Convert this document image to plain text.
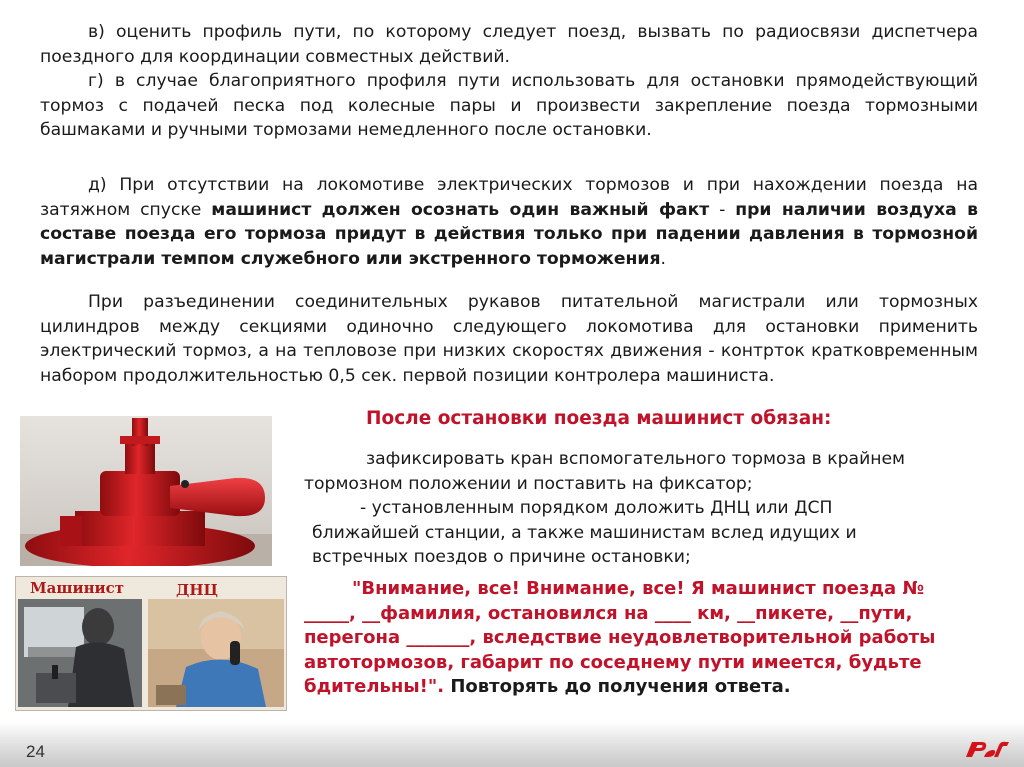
в) оценить профиль пути, по которому следует поезд, вызвать по радиосвязи диспетчера поездного для координации совместных действий.

г) в случае благоприятного профиля пути использовать для остановки прямодействующий тормоз с подачей песка под колесные пары и произвести закрепление поезда тормозными башмаками и ручными тормозами немедленного после остановки.

д) При отсутствии на локомотиве электрических тормозов и при нахождении поезда на затяжном спуске машинист должен осознать один важный факт - при наличии воздуха в составе поезда его тормоза придут в действия только при падении давления в тормозной магистрали темпом служебного или экстренного торможения.

При разъединении соединительных рукавов питательной магистрали или тормозных цилиндров между секциями одиночно следующего локомотива для остановки применить электрический тормоз, а на тепловозе при низких скоростях движения - контрток кратковременным набором продолжительностью 0,5 сек. первой позиции контролера машиниста.

Машинист	ДНЦ

После остановки поезда машинист обязан:

зафиксировать кран вспомогательного тормоза в крайнем
тормозном положении и поставить на фиксатор;
- установленным порядком доложить ДНЦ или ДСП
ближайшей станции, а также машинистам вслед идущих и
встречных поездов о причине остановки;

"Внимание, все! Внимание, все! Я машинист поезда №
_____, __фамилия, остановился на ____ км, __пикете, __пути,
перегона _______, вследствие неудовлетворительной работы
автотормозов, габарит по соседнему пути имеется, будьте
бдительны!". Повторять до получения ответа.

24
